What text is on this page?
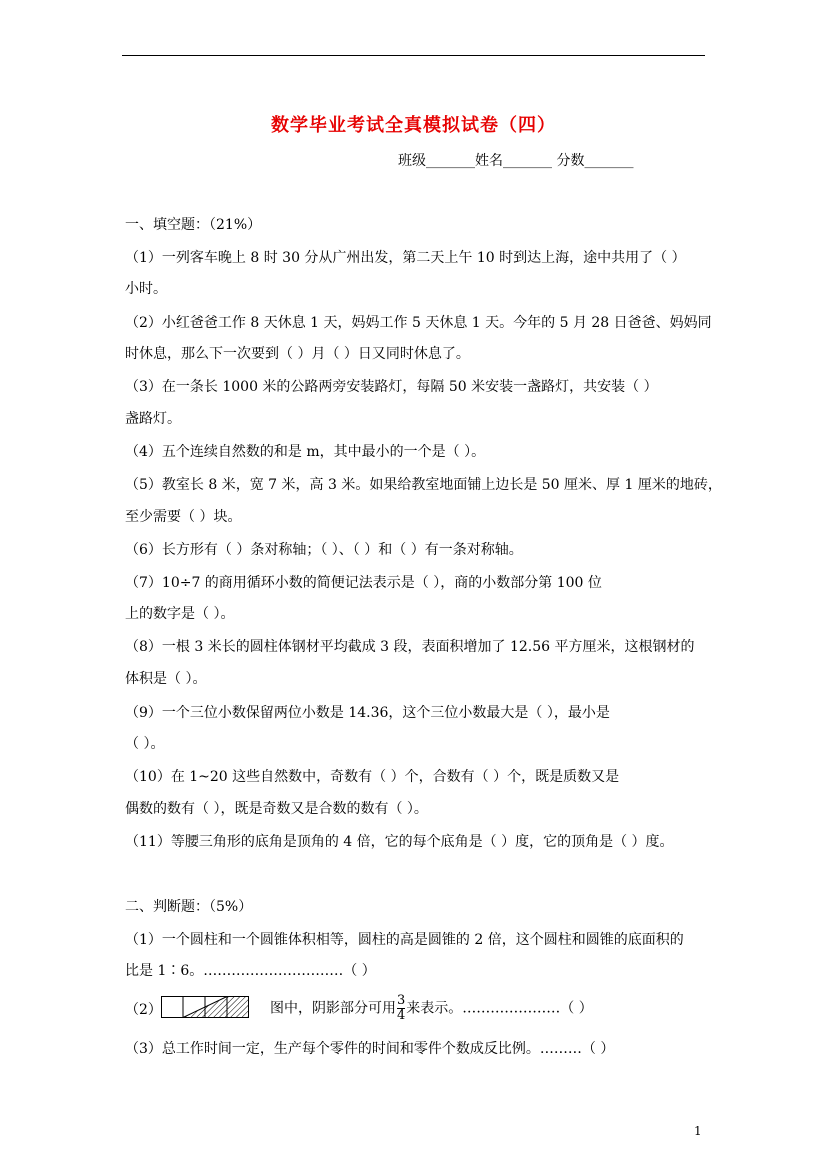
数学毕业考试全真模拟试卷（四）
班级_______姓名_______ 分数_______
一、填空题：（21%）
（1）一列客车晚上 8 时 30 分从广州出发，第二天上午 10 时到达上海，途中共用了（ ）
小时。
（2）小红爸爸工作 8 天休息 1 天，妈妈工作 5 天休息 1 天。今年的 5 月 28 日爸爸、妈妈同
时休息，那么下一次要到（ ）月（ ）日又同时休息了。
（3）在一条长 1000 米的公路两旁安装路灯，每隔 50 米安装一盏路灯，共安装（ ）
盏路灯。
（4）五个连续自然数的和是 m，其中最小的一个是（ ）。
（5）教室长 8 米，宽 7 米，高 3 米。如果给教室地面铺上边长是 50 厘米、厚 1 厘米的地砖，
至少需要（ ）块。
（6）长方形有（ ）条对称轴；（ ）、（ ）和（ ）有一条对称轴。
（7）10÷7 的商用循环小数的简便记法表示是（ ），商的小数部分第 100 位
上的数字是（ ）。
（8）一根 3 米长的圆柱体钢材平均截成 3 段，表面积增加了 12.56 平方厘米，这根钢材的
体积是（ ）。
（9）一个三位小数保留两位小数是 14.36，这个三位小数最大是（ ），最小是
（ ）。
（10）在 1~20 这些自然数中，奇数有（ ）个，合数有（ ）个，既是质数又是
偶数的数有（ ），既是奇数又是合数的数有（ ）。
（11）等腰三角形的底角是顶角的 4 倍，它的每个底角是（ ）度，它的顶角是（ ）度。
二、判断题：（5%）
（1）一个圆柱和一个圆锥体积相等，圆柱的高是圆锥的 2 倍，这个圆柱和圆锥的底面积的
比是 1∶6。…………………………（ ）
（2）	图中，阴影部分可用 $\frac{3}{4}$ 来表示。…………………（ ）
（3）总工作时间一定，生产每个零件的时间和零件个数成反比例。………（ ）
1
